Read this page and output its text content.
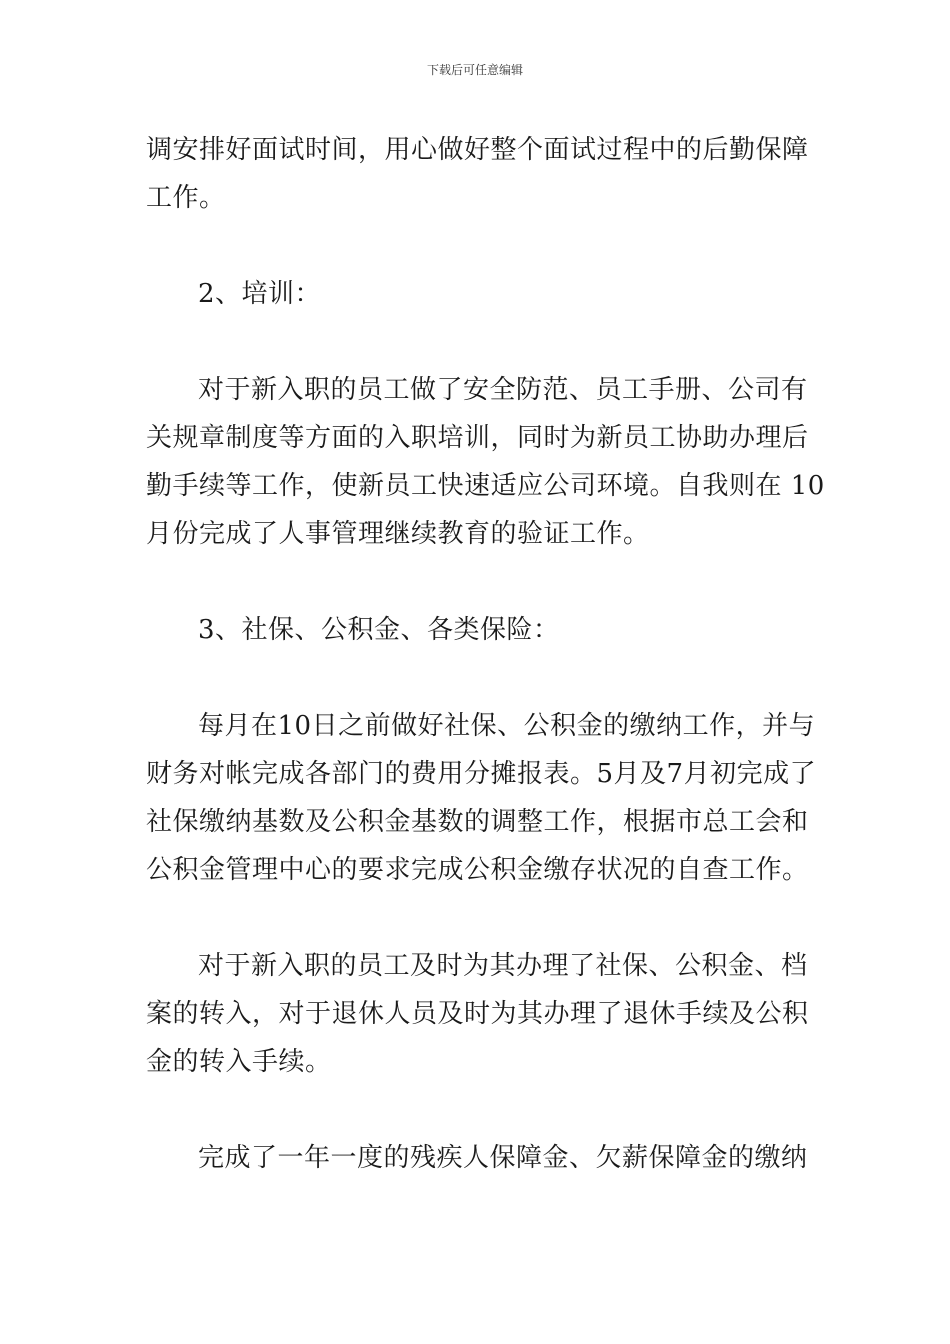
下载后可任意编辑
调安排好面试时间，用心做好整个面试过程中的后勤保障
工作。
2、培训：
对于新入职的员工做了安全防范、员工手册、公司有
关规章制度等方面的入职培训，同时为新员工协助办理后
勤手续等工作，使新员工快速适应公司环境。自我则在 10
月份完成了人事管理继续教育的验证工作。
3、社保、公积金、各类保险：
每月在10日之前做好社保、公积金的缴纳工作，并与
财务对帐完成各部门的费用分摊报表。5月及7月初完成了
社保缴纳基数及公积金基数的调整工作，根据市总工会和
公积金管理中心的要求完成公积金缴存状况的自查工作。
对于新入职的员工及时为其办理了社保、公积金、档
案的转入，对于退休人员及时为其办理了退休手续及公积
金的转入手续。
完成了一年一度的残疾人保障金、欠薪保障金的缴纳
